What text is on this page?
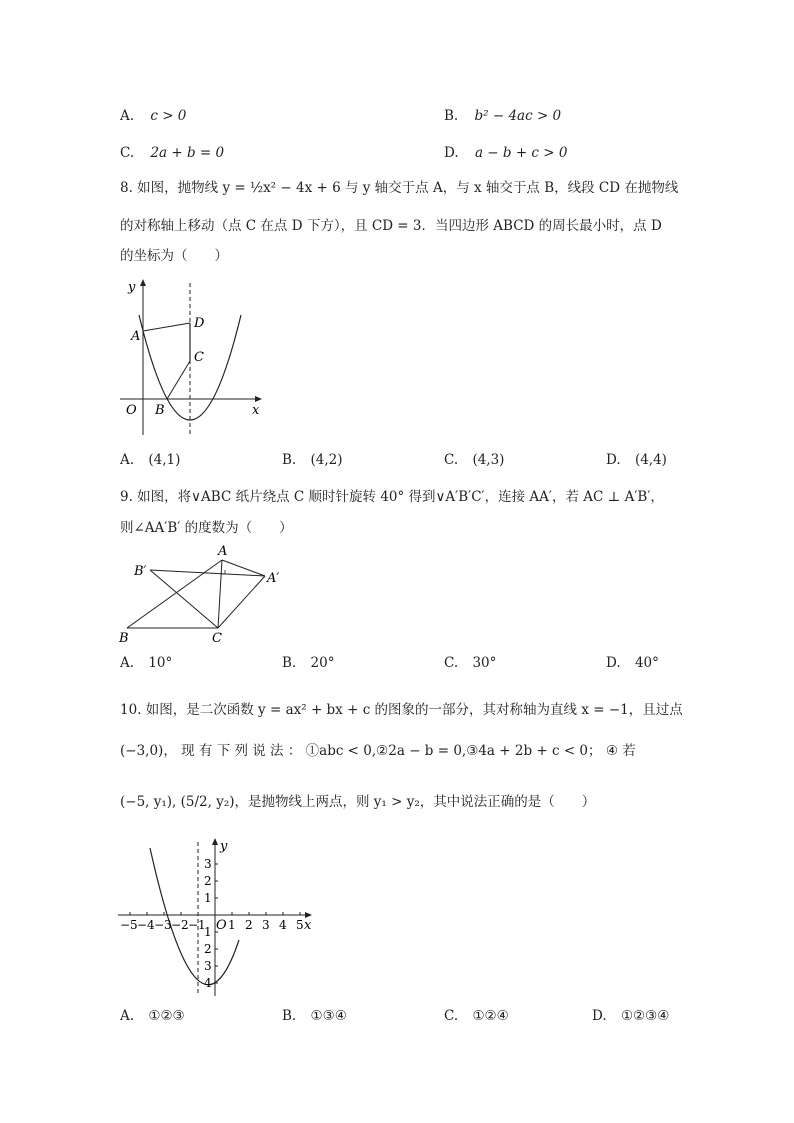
A. c > 0	B. b² − 4ac > 0
C. 2a + b = 0	D. a − b + c > 0
8. 如图，抛物线 y = ½x² − 4x + 6 与 y 轴交于点 A，与 x 轴交于点 B，线段 CD 在抛物线
的对称轴上移动（点 C 在点 D 下方），且 CD = 3．当四边形 ABCD 的周长最小时，点 D
的坐标为（　　）
y
x
O
A
B
C
D
A. (4,1)	B. (4,2)	C. (4,3)	D. (4,4)
9. 如图，将∨ABC 纸片绕点 C 顺时针旋转 40° 得到∨A′B′C′，连接 AA′，若 AC ⊥ A′B′，
则∠AA′B′ 的度数为（　　）
A
A′
B′
B	C
A. 10°	B. 20°	C. 30°	D. 40°
10. 如图，是二次函数 y = ax² + bx + c 的图象的一部分，其对称轴为直线 x = −1，且过点
(−3,0)， 现 有 下 列 说 法 ： ①abc < 0,②2a − b = 0,③4a + 2b + c < 0； ④ 若
(−5, y₁), (5/2, y₂)，是抛物线上两点，则 y₁ > y₂，其中说法正确的是（　　）
−5 −4 −3 −2 −1 1 2 3 4 5
3
2
1
1
2
3
4
y
x
O
A. ①②③	B. ①③④	C. ①②④	D. ①②③④
